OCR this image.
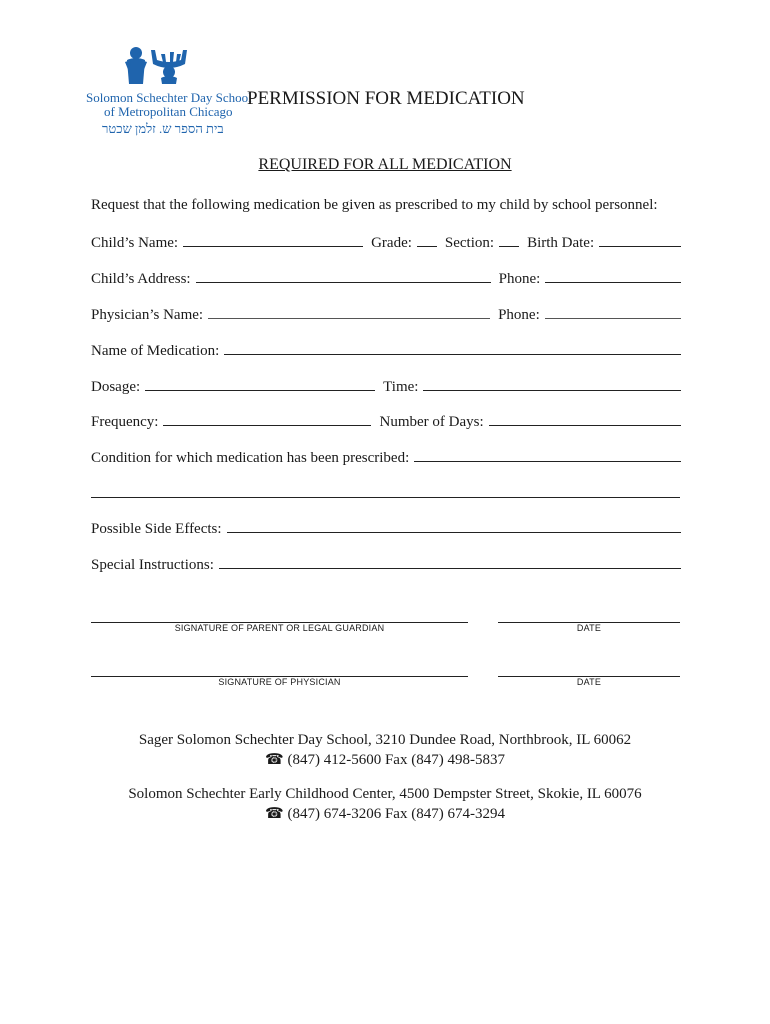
Solomon Schechter Day School
of Metropolitan Chicago
בית הספר ש. זלמן שכטר
PERMISSION FOR MEDICATION
REQUIRED FOR ALL MEDICATION
Request that the following medication be given as prescribed to my child by school personnel:
Child’s Name:	Grade: Section: Birth Date:
Child’s Address:	Phone:
Physician’s Name:	Phone:
Name of Medication:
Dosage:	Time:
Frequency:	Number of Days:
Condition for which medication has been prescribed:
Possible Side Effects:
Special Instructions:
SIGNATURE OF PARENT OR LEGAL GUARDIAN	DATE
SIGNATURE OF PHYSICIAN	DATE
Sager Solomon Schechter Day School, 3210 Dundee Road, Northbrook, IL 60062
☎ (847) 412-5600 Fax (847) 498-5837
Solomon Schechter Early Childhood Center, 4500 Dempster Street, Skokie, IL 60076
☎ (847) 674-3206 Fax (847) 674-3294
